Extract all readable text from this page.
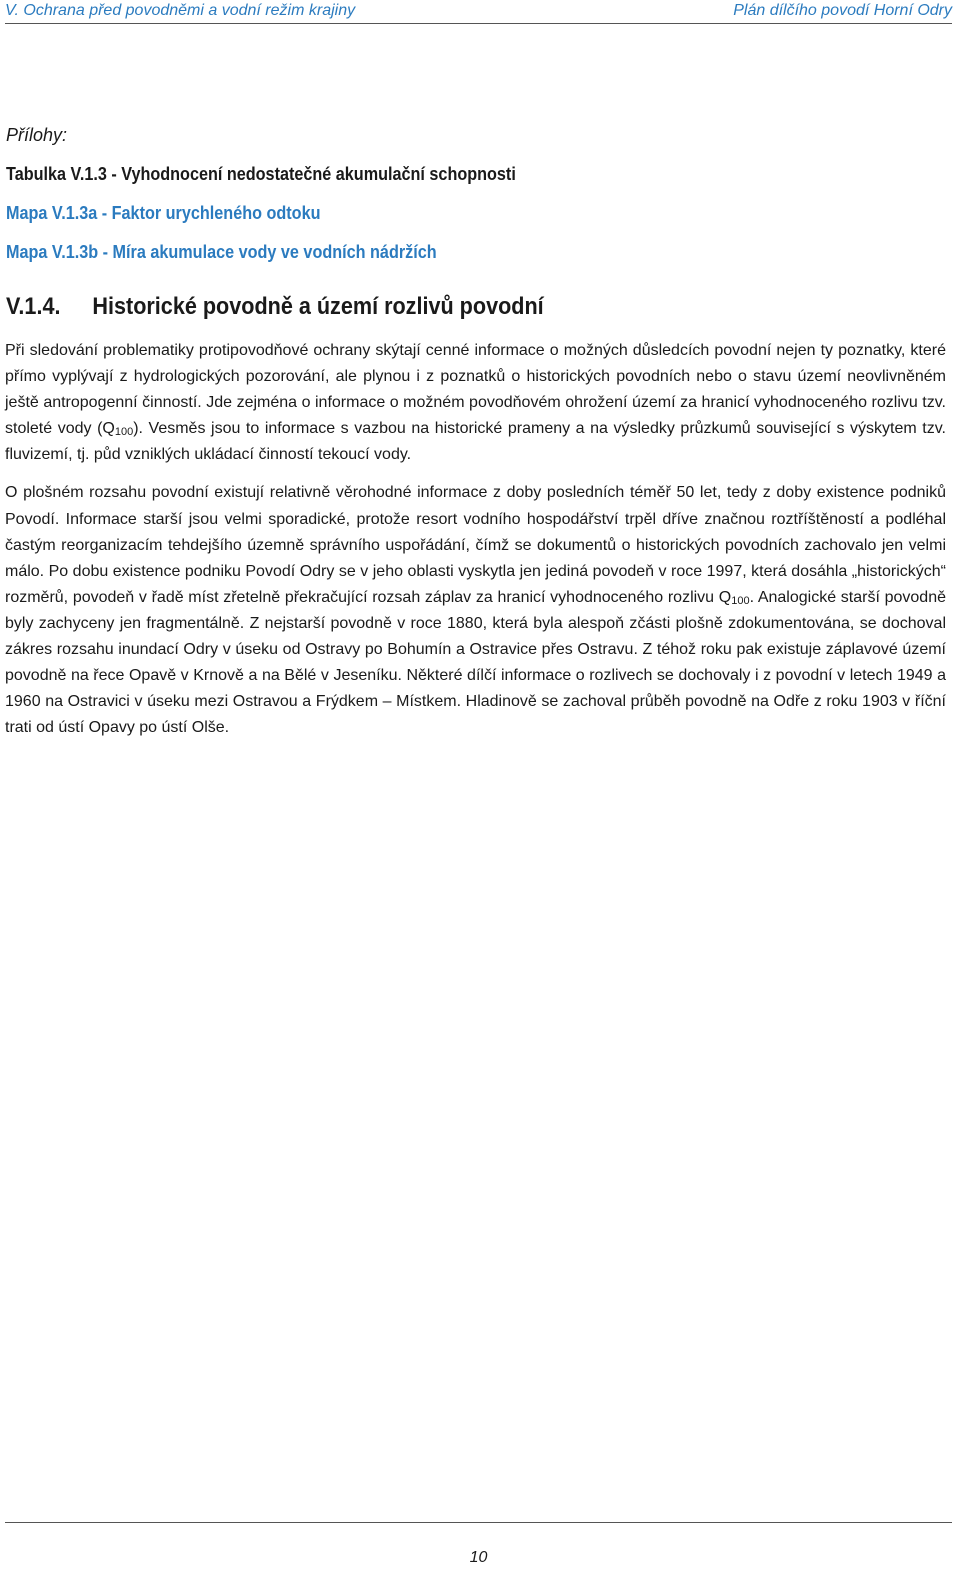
V. Ochrana před povodněmi a vodní režim krajiny	Plán dílčího povodí Horní Odry

Přílohy:

Tabulka V.1.3 - Vyhodnocení nedostatečné akumulační schopnosti
Mapa V.1.3a - Faktor urychleného odtoku
Mapa V.1.3b - Míra akumulace vody ve vodních nádržích
V.1.4. Historické povodně a území rozlivů povodní

Při sledování problematiky protipovodňové ochrany skýtají cenné informace o možných důsledcích povodní nejen ty poznatky, které přímo vyplývají z hydrologických pozorování, ale plynou i z poznatků o historických povodních nebo o stavu území neovlivněném ještě antropogenní činností. Jde zejména o informace o možném povodňovém ohrožení území za hranicí vyhodnoceného rozlivu tzv. stoleté vody $(Q_{100})$. Vesměs jsou to informace s vazbou na historické prameny a na výsledky průzkumů související s výskytem tzv. fluvizemí, tj. půd vzniklých ukládací činností tekoucí vody.

O plošném rozsahu povodní existují relativně věrohodné informace z doby posledních téměř 50 let, tedy z doby existence podniků Povodí. Informace starší jsou velmi sporadické, protože resort vodního hospodářství trpěl dříve značnou roztříštěností a podléhal častým reorganizacím tehdejšího územně správního uspořádání, čímž se dokumentů o historických povodních zachovalo jen velmi málo. Po dobu existence podniku Povodí Odry se v jeho oblasti vyskytla jen jediná povodeň v roce 1997, která dosáhla „historických“ rozměrů, povodeň v řadě míst zřetelně překračující rozsah záplav za hranicí vyhodnoceného rozlivu $Q_{100}$. Analogické starší povodně byly zachyceny jen fragmentálně. Z nejstarší povodně v roce 1880, která byla alespoň zčásti plošně zdokumentována, se dochoval zákres rozsahu inundací Odry v úseku od Ostravy po Bohumín a Ostravice přes Ostravu. Z téhož roku pak existuje záplavové území povodně na řece Opavě v Krnově a na Bělé v Jeseníku. Některé dílčí informace o rozlivech se dochovaly i z povodní v letech 1949 a 1960 na Ostravici v úseku mezi Ostravou a Frýdkem – Místkem. Hladinově se zachoval průběh povodně na Odře z roku 1903 v říční trati od ústí Opavy po ústí Olše.

10
